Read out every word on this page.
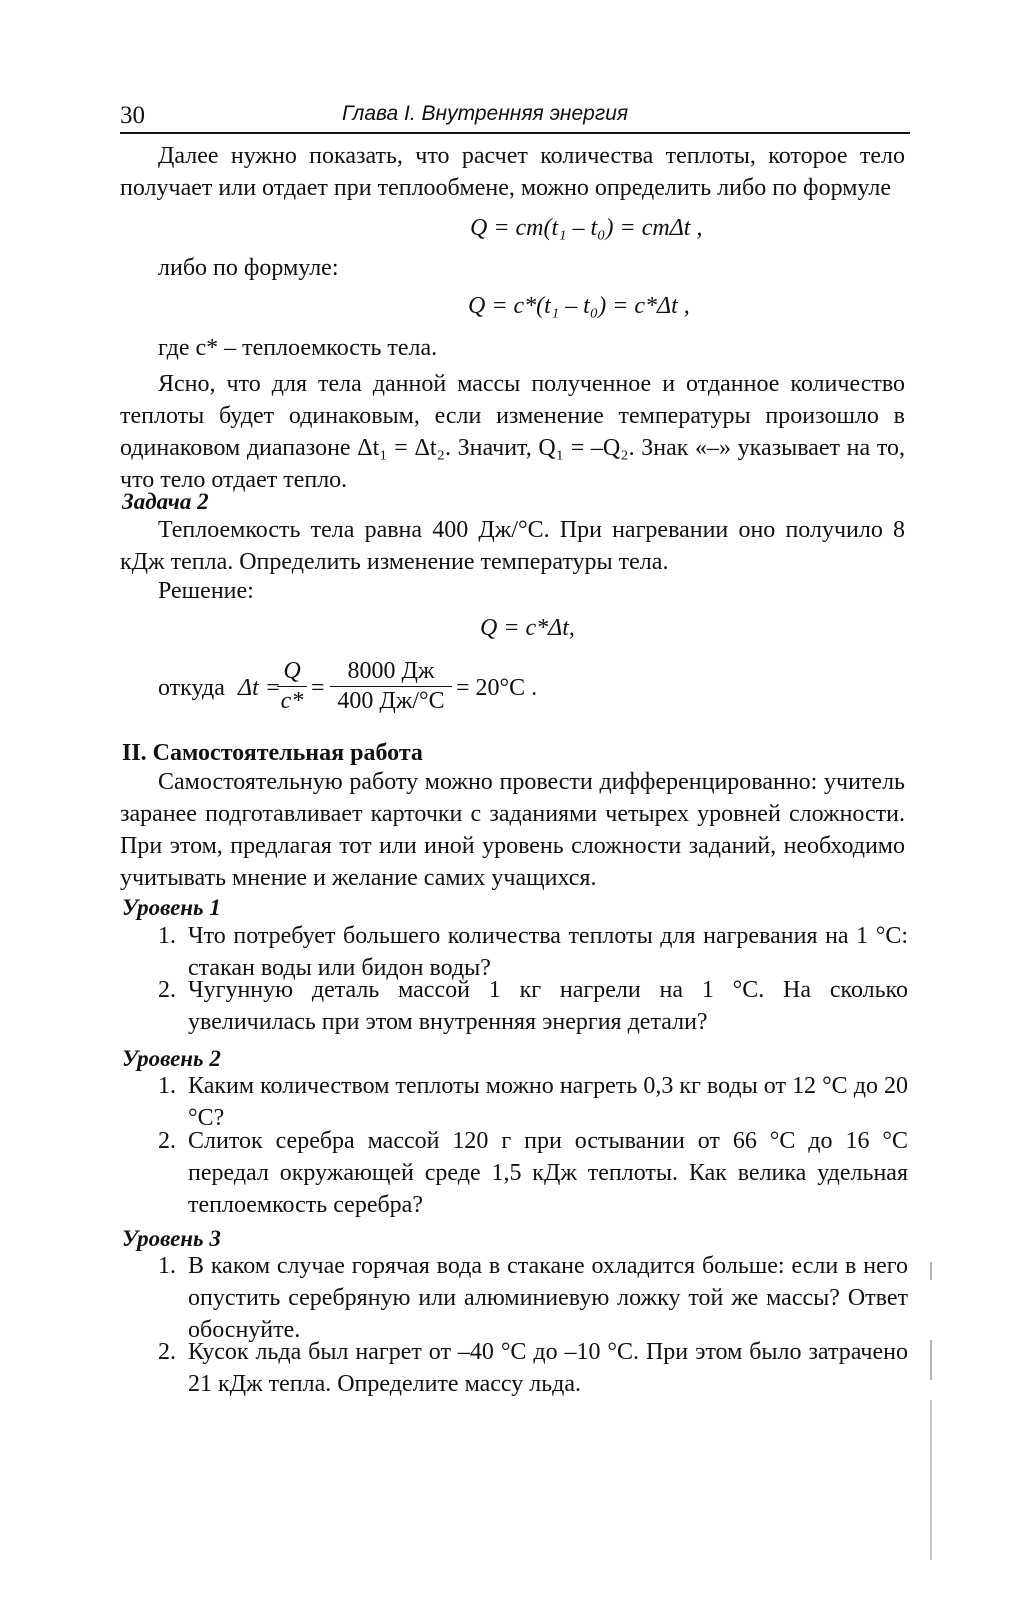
30	Глава I. Внутренняя энергия
Далее нужно показать, что расчет количества теплоты, которое тело получает или отдает при теплообмене, можно определить либо по формуле
Q = cm(t₁ – t₀) = cmΔt ,
либо по формуле:
Q = c*(t₁ – t₀) = c*Δt ,
где c* – теплоемкость тела.
Ясно, что для тела данной массы полученное и отданное количество теплоты будет одинаковым, если изменение температуры произошло в одинаковом диапазоне Δt₁ = Δt₂. Значит, Q₁ = –Q₂. Знак «–» указывает на то, что тело отдает тепло.
Задача 2
Теплоемкость тела равна 400 Дж/°С. При нагревании оно получило 8 кДж тепла. Определить изменение температуры тела.
Решение:
Q = c*Δt,
откуда Δt =
$\frac{Q}{c*}$ =
8000 Дж
400 Дж/°С = 20°С .
II. Самостоятельная работа
Самостоятельную работу можно провести дифференцированно: учитель заранее подготавливает карточки с заданиями четырех уровней сложности. При этом, предлагая тот или иной уровень сложности заданий, необходимо учитывать мнение и желание самих учащихся.
Уровень 1
1. Что потребует большего количества теплоты для нагревания на 1 °С: стакан воды или бидон воды?
2. Чугунную деталь массой 1 кг нагрели на 1 °С. На сколько увеличилась при этом внутренняя энергия детали?
Уровень 2
1. Каким количеством теплоты можно нагреть 0,3 кг воды от 12 °С до 20 °С?
2. Слиток серебра массой 120 г при остывании от 66 °С до 16 °С передал окружающей среде 1,5 кДж теплоты. Как велика удельная теплоемкость серебра?
Уровень 3
1. В каком случае горячая вода в стакане охладится больше: если в него опустить серебряную или алюминиевую ложку той же массы? Ответ обоснуйте.
2. Кусок льда был нагрет от –40 °С до –10 °С. При этом было затрачено 21 кДж тепла. Определите массу льда.
